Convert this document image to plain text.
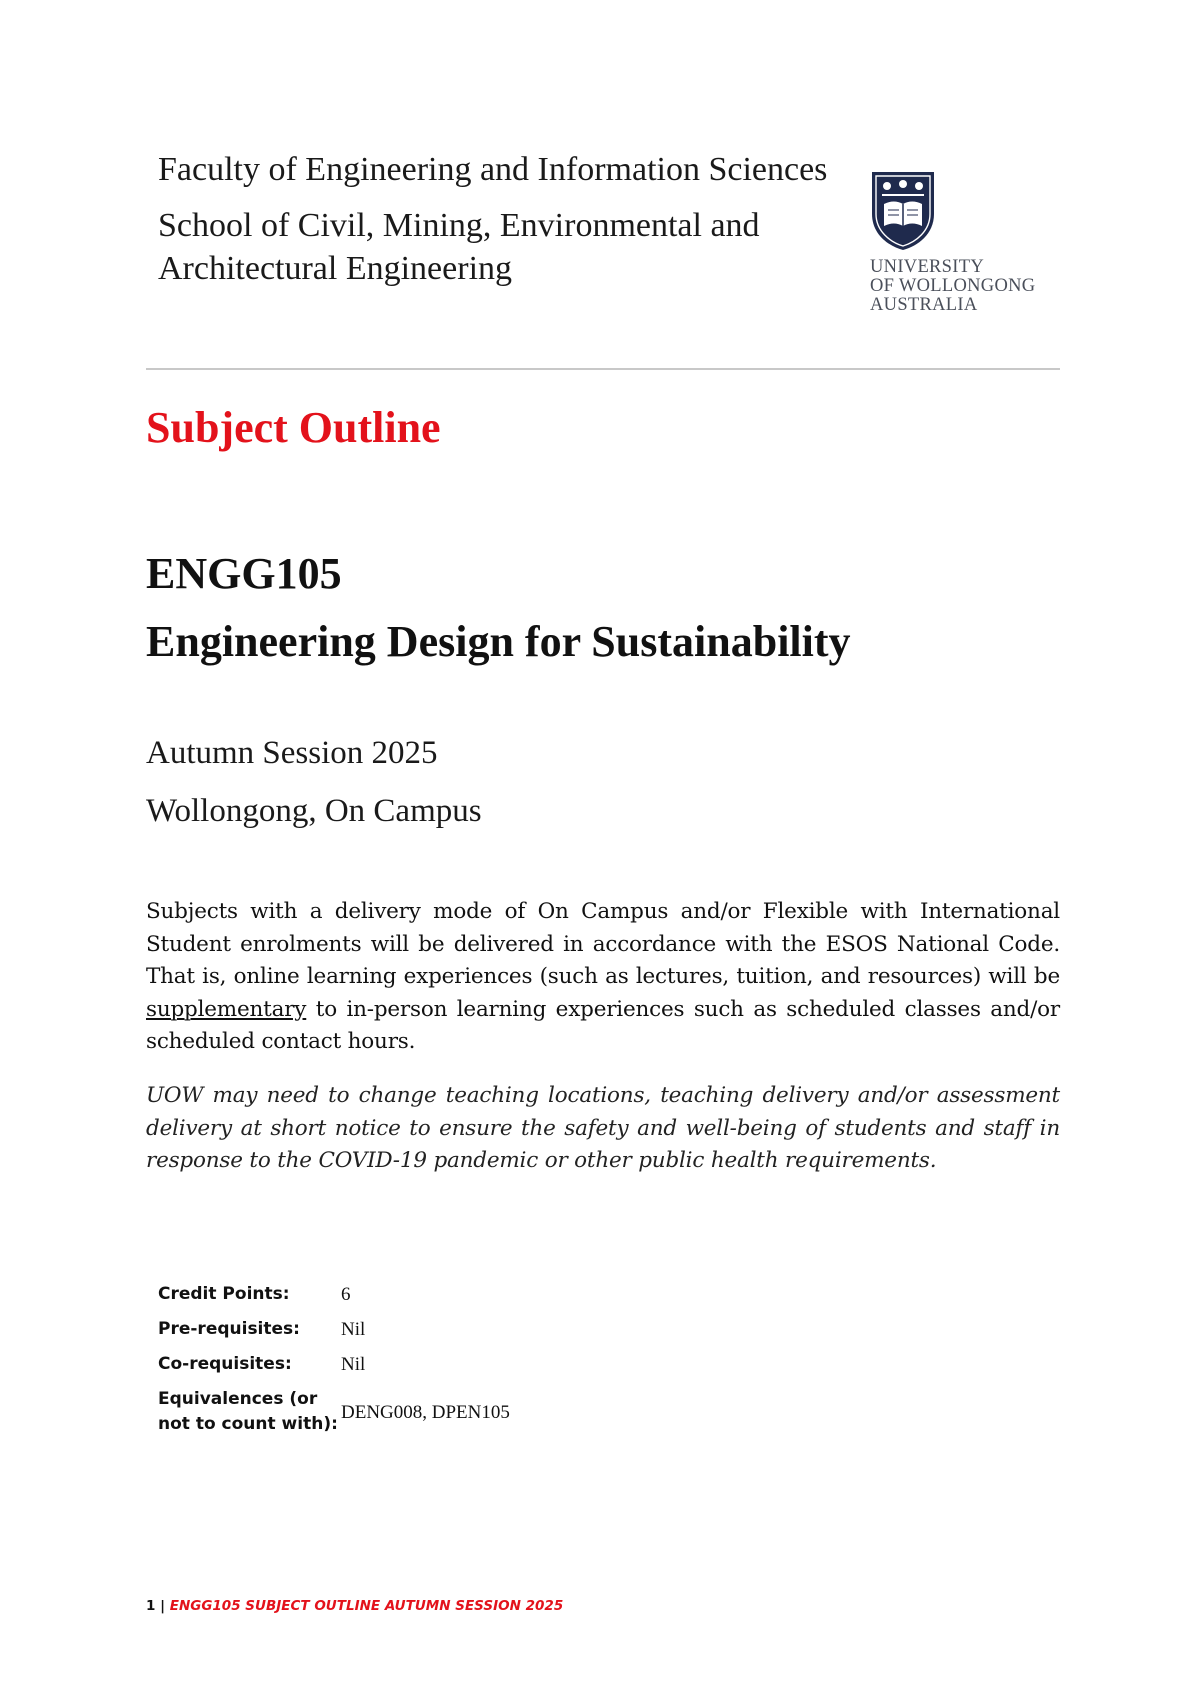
Faculty of Engineering and Information Sciences

School of Civil, Mining, Environmental and Architectural Engineering	UNIVERSITY
OF WOLLONGONG
AUSTRALIA
Subject Outline
ENGG105
Engineering Design for Sustainability

Autumn Session 2025

Wollongong, On Campus

Subjects with a delivery mode of On Campus and/or Flexible with International Student enrolments will be delivered in accordance with the ESOS National Code. That is, online learning experiences (such as lectures, tuition, and resources) will be supplementary to in-person learning experiences such as scheduled classes and/or scheduled contact hours.

UOW may need to change teaching locations, teaching delivery and/or assessment delivery at short notice to ensure the safety and well-being of students and staff in response to the COVID-19 pandemic or other public health requirements.

Credit Points:	6
Pre-requisites:	Nil
Co-requisites:	Nil
Equivalences (or not to count with):	DENG008, DPEN105
1 | ENGG105 SUBJECT OUTLINE AUTUMN SESSION 2025
